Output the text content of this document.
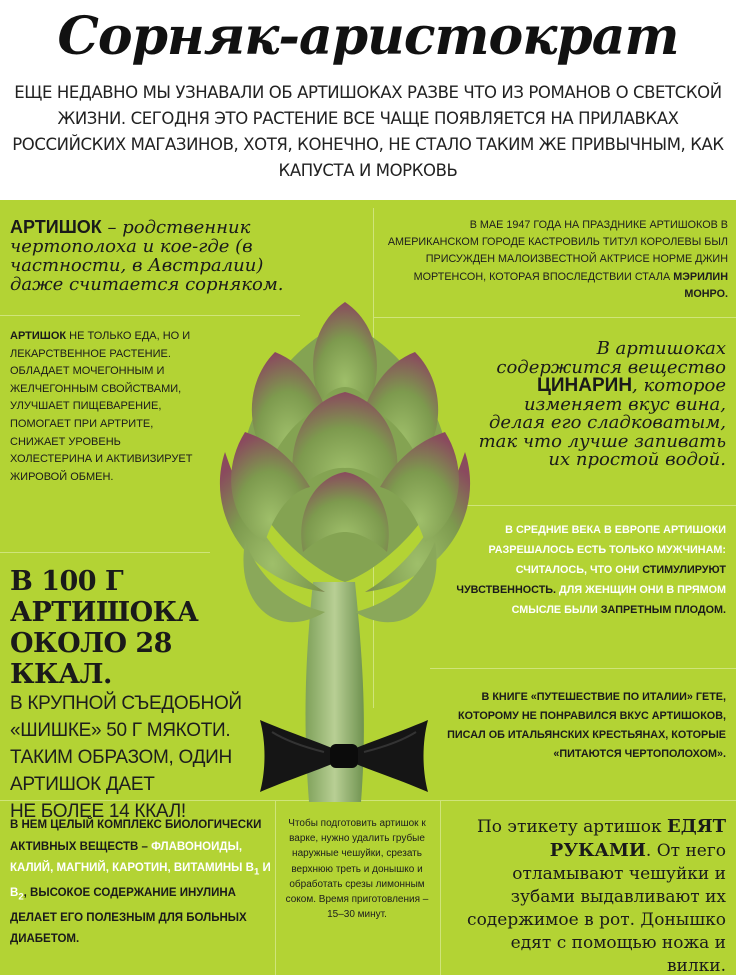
Сорняк-аристократ
ЕЩЕ НЕДАВНО МЫ УЗНАВАЛИ ОБ АРТИШОКАХ РАЗВЕ ЧТО ИЗ РОМАНОВ О СВЕТСКОЙ ЖИЗНИ. СЕГОДНЯ ЭТО РАСТЕНИЕ ВСЕ ЧАЩЕ ПОЯВЛЯЕТСЯ НА ПРИЛАВКАХ РОССИЙСКИХ МАГАЗИНОВ, ХОТЯ, КОНЕЧНО, НЕ СТАЛО ТАКИМ ЖЕ ПРИВЫЧНЫМ, КАК КАПУСТА И МОРКОВЬ
АРТИШОК – родственник чертополоха и кое-где (в частности, в Австралии) даже считается сорняком.
АРТИШОК НЕ ТОЛЬКО ЕДА, НО И ЛЕКАРСТВЕННОЕ РАСТЕНИЕ. ОБЛАДАЕТ МОЧЕГОННЫМ И ЖЕЛЧЕГОННЫМ СВОЙСТВАМИ, УЛУЧШАЕТ ПИЩЕВАРЕНИЕ, ПОМОГАЕТ ПРИ АРТРИТЕ, СНИЖАЕТ УРОВЕНЬ ХОЛЕСТЕРИНА И АКТИВИЗИРУЕТ ЖИРОВОЙ ОБМЕН.
В 100 Г
АРТИШОКА
ОКОЛО 28 ККАЛ.
В КРУПНОЙ СЪЕДОБНОЙ
«ШИШКЕ» 50 Г МЯКОТИ.
ТАКИМ ОБРАЗОМ, ОДИН
АРТИШОК ДАЕТ
НЕ БОЛЕЕ 14 ККАЛ!
В НЕМ ЦЕЛЫЙ КОМПЛЕКС БИОЛОГИЧЕСКИ АКТИВНЫХ ВЕЩЕСТВ – ФЛАВОНОИДЫ, КАЛИЙ, МАГНИЙ, КАРОТИН, ВИТАМИНЫ $B_1$ И $B_2$, ВЫСОКОЕ СОДЕРЖАНИЕ ИНУЛИНА ДЕЛАЕТ ЕГО ПОЛЕЗНЫМ ДЛЯ БОЛЬНЫХ ДИАБЕТОМ.
В МАЕ 1947 ГОДА НА ПРАЗДНИКЕ АРТИШОКОВ В АМЕРИКАНСКОМ ГОРОДЕ КАСТРОВИЛЬ ТИТУЛ КОРОЛЕВЫ БЫЛ ПРИСУЖДЕН МАЛОИЗВЕСТНОЙ АКТРИСЕ НОРМЕ ДЖИН МОРТЕНСОН, КОТОРАЯ ВПОСЛЕДСТВИИ СТАЛА МЭРИЛИН МОНРО.
В артишоках содержится вещество ЦИНАРИН, которое изменяет вкус вина, делая его сладковатым, так что лучше запивать их простой водой.
В СРЕДНИЕ ВЕКА В ЕВРОПЕ АРТИШОКИ РАЗРЕШАЛОСЬ ЕСТЬ ТОЛЬКО МУЖЧИНАМ: СЧИТАЛОСЬ, ЧТО ОНИ СТИМУЛИРУЮТ ЧУВСТВЕННОСТЬ. ДЛЯ ЖЕНЩИН ОНИ В ПРЯМОМ СМЫСЛЕ БЫЛИ ЗАПРЕТНЫМ ПЛОДОМ.
В КНИГЕ «ПУТЕШЕСТВИЕ ПО ИТАЛИИ» ГЕТЕ, КОТОРОМУ НЕ ПОНРАВИЛСЯ ВКУС АРТИШОКОВ, ПИСАЛ ОБ ИТАЛЬЯНСКИХ КРЕСТЬЯНАХ, КОТОРЫЕ «ПИТАЮТСЯ ЧЕРТОПОЛОХОМ».
Чтобы подготовить артишок к варке, нужно удалить грубые наружные чешуйки, срезать верхнюю треть и донышко и обработать срезы лимонным соком. Время приготовления – 15–30 минут.
По этикету артишок ЕДЯТ РУКАМИ. От него отламывают чешуйки и зубами выдавливают их содержимое в рот. Донышко едят с помощью ножа и вилки.
